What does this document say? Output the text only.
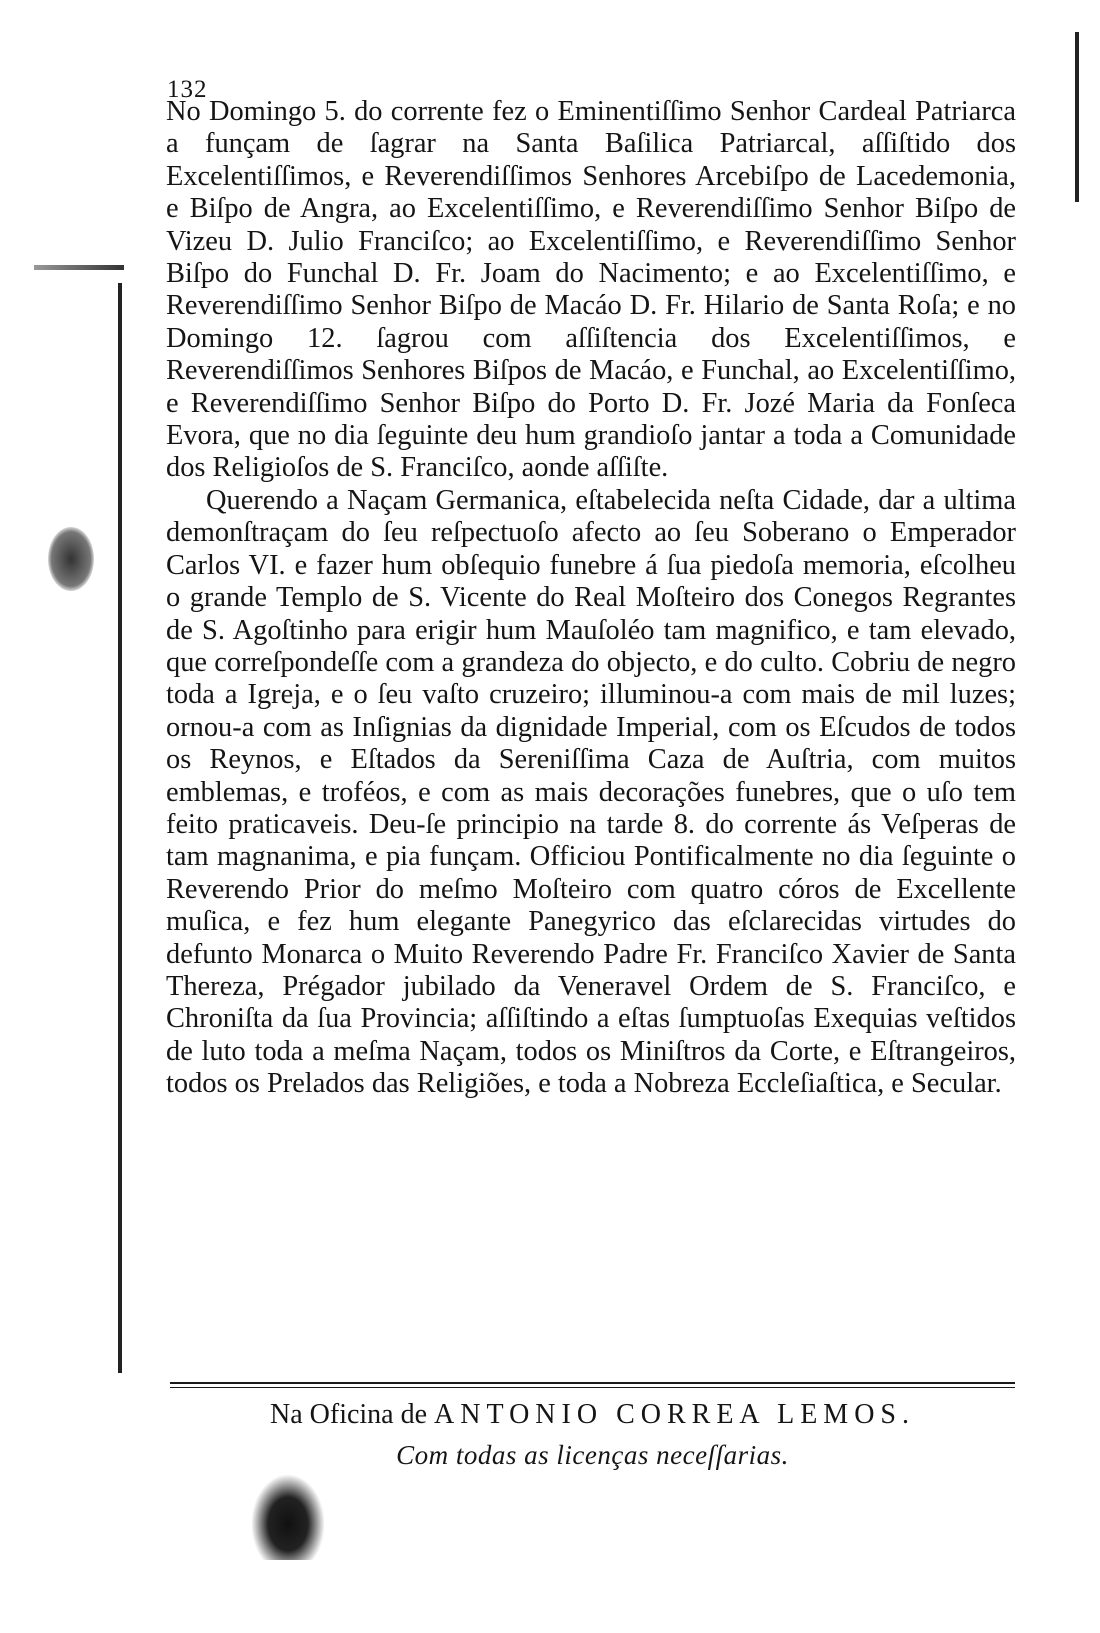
132

No Domingo 5. do corrente fez o Eminentiſſimo Senhor Cardeal Patriarca a funçam de ſagrar na Santa Baſilica Patriarcal, aſſiſtido dos Excelentiſſimos, e Reverendiſſimos Senhores Arcebiſpo de Lacedemonia, e Biſpo de Angra, ao Excelentiſſimo, e Reverendiſſimo Senhor Biſpo de Vizeu D. Julio Franciſco; ao Excelentiſſimo, e Reverendiſſimo Senhor Biſpo do Funchal D. Fr. Joam do Nacimento; e ao Excelentiſſimo, e Reverendiſſimo Senhor Biſpo de Macáo D. Fr. Hilario de Santa Roſa; e no Domingo 12. ſagrou com aſſiſtencia dos Excelentiſſimos, e Reverendiſſimos Senhores Biſpos de Macáo, e Funchal, ao Excelentiſſimo, e Reverendiſſimo Senhor Biſpo do Porto D. Fr. Jozé Maria da Fonſeca Evora, que no dia ſeguinte deu hum grandioſo jantar a toda a Comunidade dos Religioſos de S. Franciſco, aonde aſſiſte.

Querendo a Naçam Germanica, eſtabelecida neſta Cidade, dar a ultima demonſtraçam do ſeu reſpectuoſo afecto ao ſeu Soberano o Emperador Carlos VI. e fazer hum obſequio funebre á ſua piedoſa memoria, eſcolheu o grande Templo de S. Vicente do Real Moſteiro dos Conegos Regrantes de S. Agoſtinho para erigir hum Mauſoléo tam magnifico, e tam elevado, que correſpondeſſe com a grandeza do objecto, e do culto. Cobriu de negro toda a Igreja, e o ſeu vaſto cruzeiro; illuminou-a com mais de mil luzes; ornou-a com as Inſignias da dignidade Imperial, com os Eſcudos de todos os Reynos, e Eſtados da Sereniſſima Caza de Auſtria, com muitos emblemas, e troféos, e com as mais decorações funebres, que o uſo tem feito praticaveis. Deu-ſe principio na tarde 8. do corrente ás Veſperas de tam magnanima, e pia funçam. Officiou Pontificalmente no dia ſeguinte o Reverendo Prior do meſmo Moſteiro com quatro córos de Excellente muſica, e fez hum elegante Panegyrico das eſclarecidas virtudes do defunto Monarca o Muito Reverendo Padre Fr. Franciſco Xavier de Santa Thereza, Prégador jubilado da Veneravel Ordem de S. Franciſco, e Chroniſta da ſua Provincia; aſſiſtindo a eſtas ſumptuoſas Exequias veſtidos de luto toda a meſma Naçam, todos os Miniſtros da Corte, e Eſtrangeiros, todos os Prelados das Religiões, e toda a Nobreza Eccleſiaſtica, e Secular.

Na Oficina de ANTONIO CORREA LEMOS.
Com todas as licenças neceſſarias.
